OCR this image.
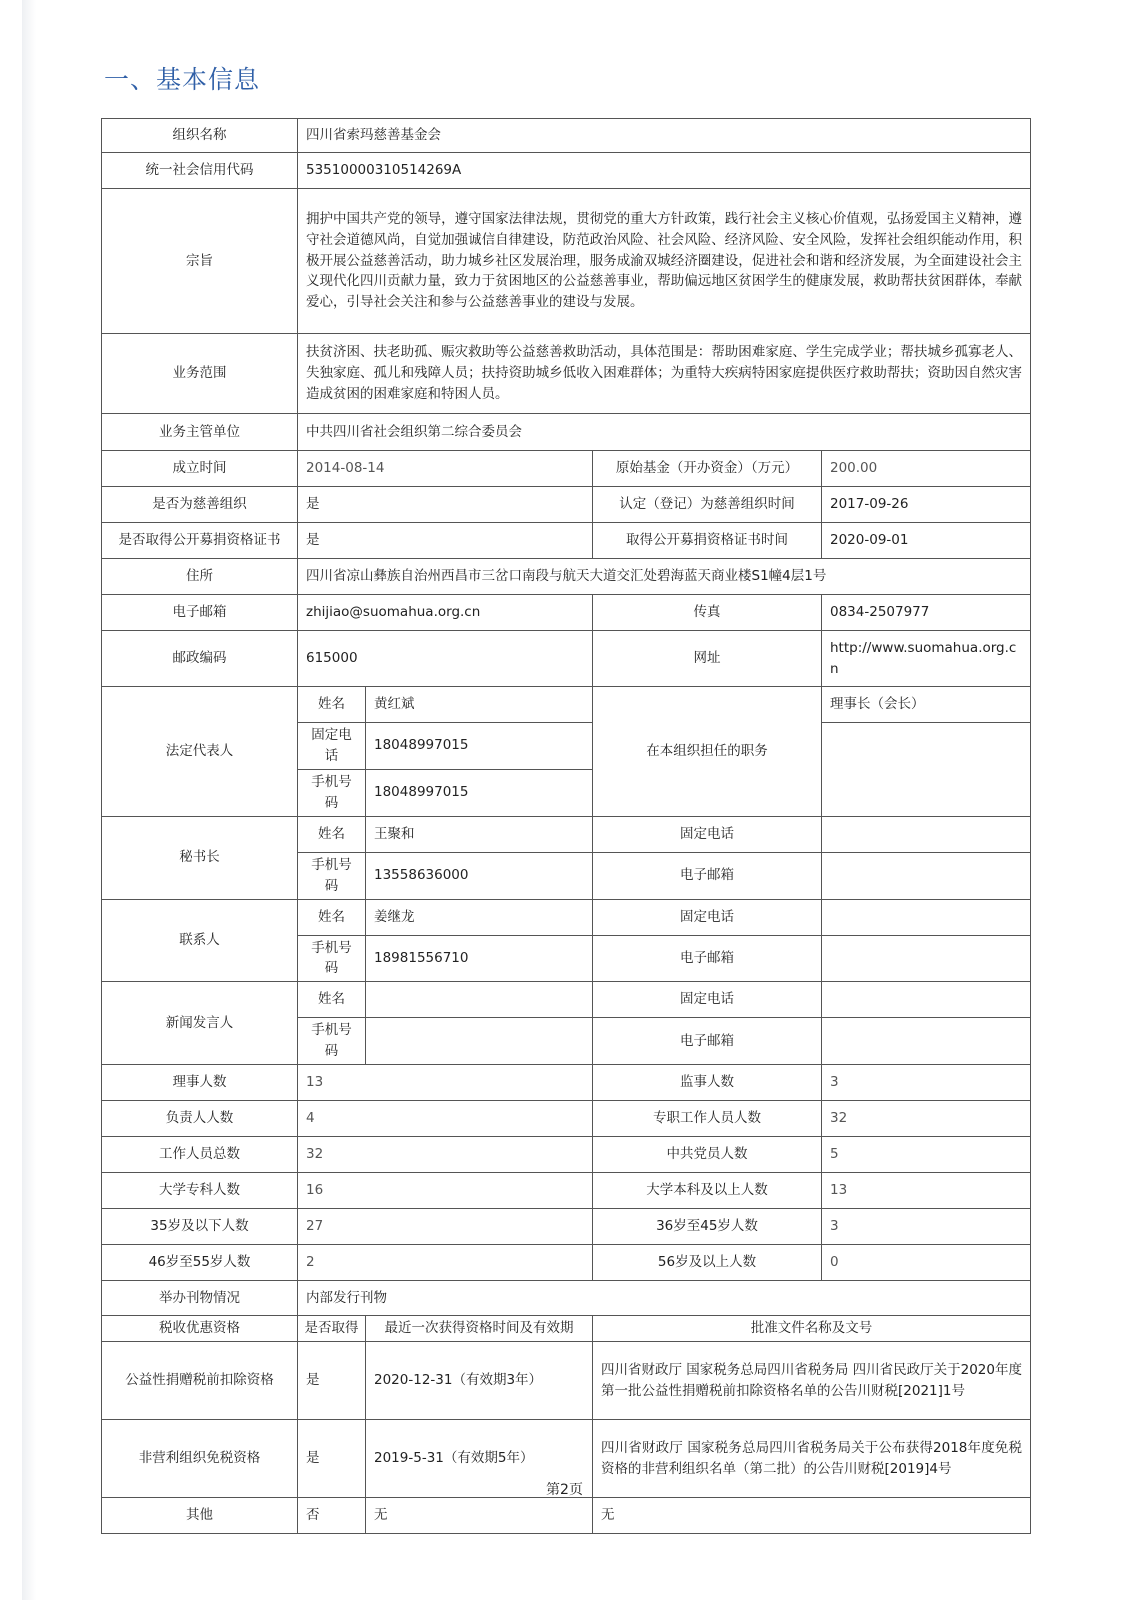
一、基本信息
组织名称	四川省索玛慈善基金会			
统一社会信用代码	53510000310514269A			
宗旨	拥护中国共产党的领导，遵守国家法律法规，贯彻党的重大方针政策，践行社会主义核心价值观，弘扬爱国主义精神，遵守社会道德风尚，自觉加强诚信自律建设，防范政治风险、社会风险、经济风险、安全风险，发挥社会组织能动作用，积极开展公益慈善活动，助力城乡社区发展治理，服务成渝双城经济圈建设，促进社会和谐和经济发展，为全面建设社会主义现代化四川贡献力量，致力于贫困地区的公益慈善事业，帮助偏远地区贫困学生的健康发展，救助帮扶贫困群体，奉献爱心，引导社会关注和参与公益慈善事业的建设与发展。			
业务范围	扶贫济困、扶老助孤、赈灾救助等公益慈善救助活动，具体范围是：帮助困难家庭、学生完成学业；帮扶城乡孤寡老人、失独家庭、孤儿和残障人员；扶持资助城乡低收入困难群体；为重特大疾病特困家庭提供医疗救助帮扶；资助因自然灾害造成贫困的困难家庭和特困人员。			
业务主管单位	中共四川省社会组织第二综合委员会			
成立时间	2014-08-14		原始基金（开办资金）（万元）	200.00
是否为慈善组织	是		认定（登记）为慈善组织时间	2017-09-26
是否取得公开募捐资格证书	是		取得公开募捐资格证书时间	2020-09-01
住所	四川省凉山彝族自治州西昌市三岔口南段与航天大道交汇处碧海蓝天商业楼S1幢4层1号			
电子邮箱	zhijiao@suomahua.org.cn		传真	0834-2507977
邮政编码	615000		网址	http://www.suomahua.org.c n
法定代表人	姓名	黄红斌	在本组织担任的职务	理事长（会长）
	固定电话	18048997015		
	手机号码	18048997015		
秘书长	姓名	王聚和	固定电话	
	手机号码	13558636000	电子邮箱	
联系人	姓名	姜继龙	固定电话	
	手机号码	18981556710	电子邮箱	
新闻发言人	姓名		固定电话	
	手机号码		电子邮箱	
理事人数	13		监事人数	3
负责人人数	4		专职工作人员人数	32
工作人员总数	32		中共党员人数	5
大学专科人数	16		大学本科及以上人数	13
35岁及以下人数	27		36岁至45岁人数	3
46岁至55岁人数	2		56岁及以上人数	0
举办刊物情况	内部发行刊物			
税收优惠资格	是否取得	最近一次获得资格时间及有效期	批准文件名称及文号	
公益性捐赠税前扣除资格	是	2020-12-31（有效期3年）	四川省财政厅 国家税务总局四川省税务局 四川省民政厅关于2020年度第一批公益性捐赠税前扣除资格名单的公告川财税[2021]1号	
非营利组织免税资格	是	2019-5-31（有效期5年）	四川省财政厅 国家税务总局四川省税务局关于公布获得2018年度免税资格的非营利组织名单（第二批）的公告川财税[2019]4号	
其他	否	无	无	
第2页
